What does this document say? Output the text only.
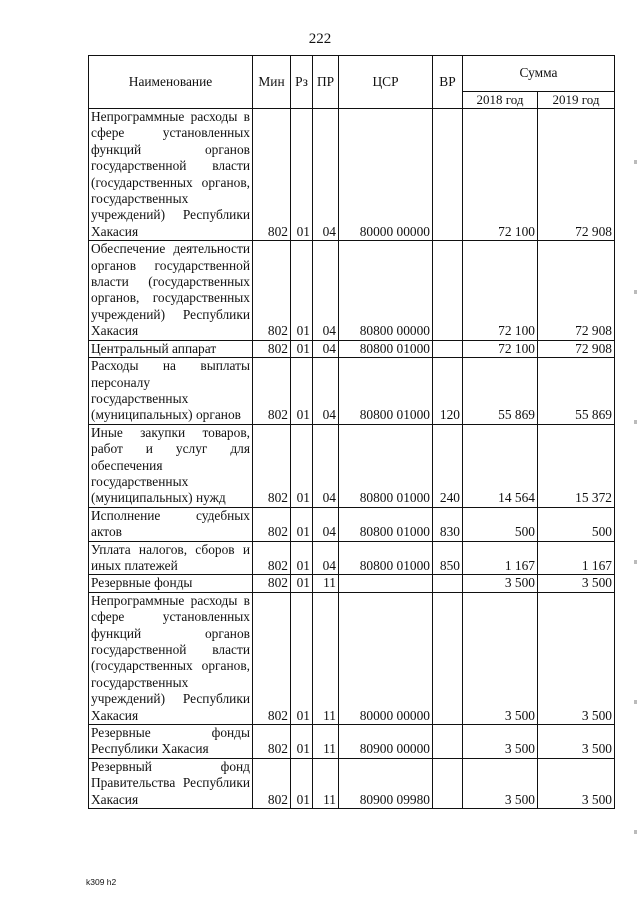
222
Наименование	Мин	Рз	ПР	ЦСР	ВР	Сумма	
						2018 год	2019 год
Непрограммные расходы в сфере установленных функций органов государственной власти (государственных органов, государственных учреждений) Республики Хакасия	802	01	04	80000 00000		72 100	72 908
Обеспечение деятельности органов государственной власти (государственных органов, государственных учреждений) Республики Хакасия	802	01	04	80800 00000		72 100	72 908
Центральный аппарат	802	01	04	80800 01000		72 100	72 908
Расходы на выплаты персоналу государственных (муниципальных) органов	802	01	04	80800 01000	120	55 869	55 869
Иные закупки товаров, работ и услуг для обеспечения государственных (муниципальных) нужд	802	01	04	80800 01000	240	14 564	15 372
Исполнение судебных актов	802	01	04	80800 01000	830	500	500
Уплата налогов, сборов и иных платежей	802	01	04	80800 01000	850	1 167	1 167
Резервные фонды	802	01	11			3 500	3 500
Непрограммные расходы в сфере установленных функций органов государственной власти (государственных органов, государственных учреждений) Республики Хакасия	802	01	11	80000 00000		3 500	3 500
Резервные фонды Республики Хакасия	802	01	11	80900 00000		3 500	3 500
Резервный фонд Правительства Республики Хакасия	802	01	11	80900 09980		3 500	3 500
k309 h2
